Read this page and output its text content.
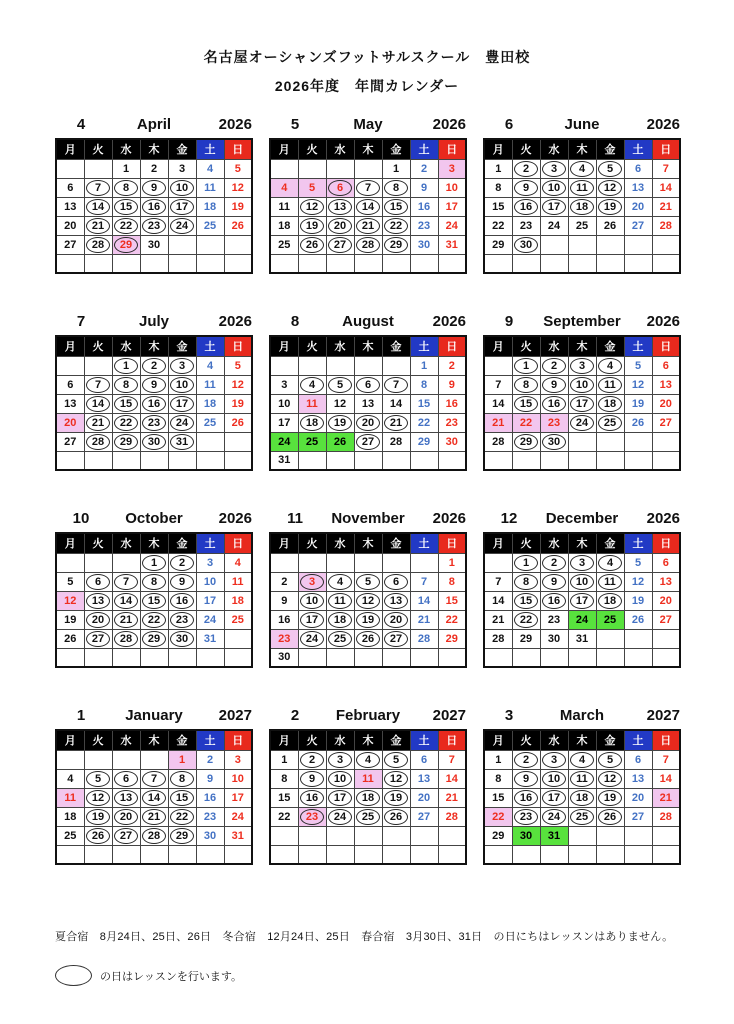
名古屋オーシャンズフットサルスクール　豊田校
2026年度　年間カレンダー
4	April	2026
月	火	水	木	金	土	日
		1	2	3	4	5
6	7	8	9	10	11	12
13	14	15	16	17	18	19
20	21	22	23	24	25	26
27	28	29	30			

5	May	2026
月	火	水	木	金	土	日
				1	2	3
4	5	6	7	8	9	10
11	12	13	14	15	16	17
18	19	20	21	22	23	24
25	26	27	28	29	30	31

6	June	2026
月	火	水	木	金	土	日
1	2	3	4	5	6	7
8	9	10	11	12	13	14
15	16	17	18	19	20	21
22	23	24	25	26	27	28
29	30

7	July	2026
月	火	水	木	金	土	日
		1	2	3	4	5
6	7	8	9	10	11	12
13	14	15	16	17	18	19
20	21	22	23	24	25	26
27	28	29	30	31

8	August	2026
月	火	水	木	金	土	日
					1	2
3	4	5	6	7	8	9
10	11	12	13	14	15	16
17	18	19	20	21	22	23
24	25	26	27	28	29	30
31						
9	September	2026
月	火	水	木	金	土	日
	1	2	3	4	5	6
7	8	9	10	11	12	13
14	15	16	17	18	19	20
21	22	23	24	25	26	27
28	29	30

10	October	2026
月	火	水	木	金	土	日
			1	2	3	4
5	6	7	8	9	10	11
12	13	14	15	16	17	18
19	20	21	22	23	24	25
26	27	28	29	30	31	

11	November	2026
月	火	水	木	金	土	日
						1
2	3	4	5	6	7	8
9	10	11	12	13	14	15
16	17	18	19	20	21	22
23	24	25	26	27	28	29
30						
12	December	2026
月	火	水	木	金	土	日
	1	2	3	4	5	6
7	8	9	10	11	12	13
14	15	16	17	18	19	20
21	22	23	24	25	26	27
28	29	30	31			

1	January	2027
月	火	水	木	金	土	日
				1	2	3
4	5	6	7	8	9	10
11	12	13	14	15	16	17
18	19	20	21	22	23	24
25	26	27	28	29	30	31

2	February	2027
月	火	水	木	金	土	日
1	2	3	4	5	6	7
8	9	10	11	12	13	14
15	16	17	18	19	20	21
22	23	24	25	26	27	28

3	March	2027
月	火	水	木	金	土	日
1	2	3	4	5	6	7
8	9	10	11	12	13	14
15	16	17	18	19	20	21
22	23	24	25	26	27	28
29	30	31				

夏合宿　8月24日、25日、26日　冬合宿　12月24日、25日　春合宿　3月30日、31日　の日にちはレッスンはありません。
の日はレッスンを行います。
